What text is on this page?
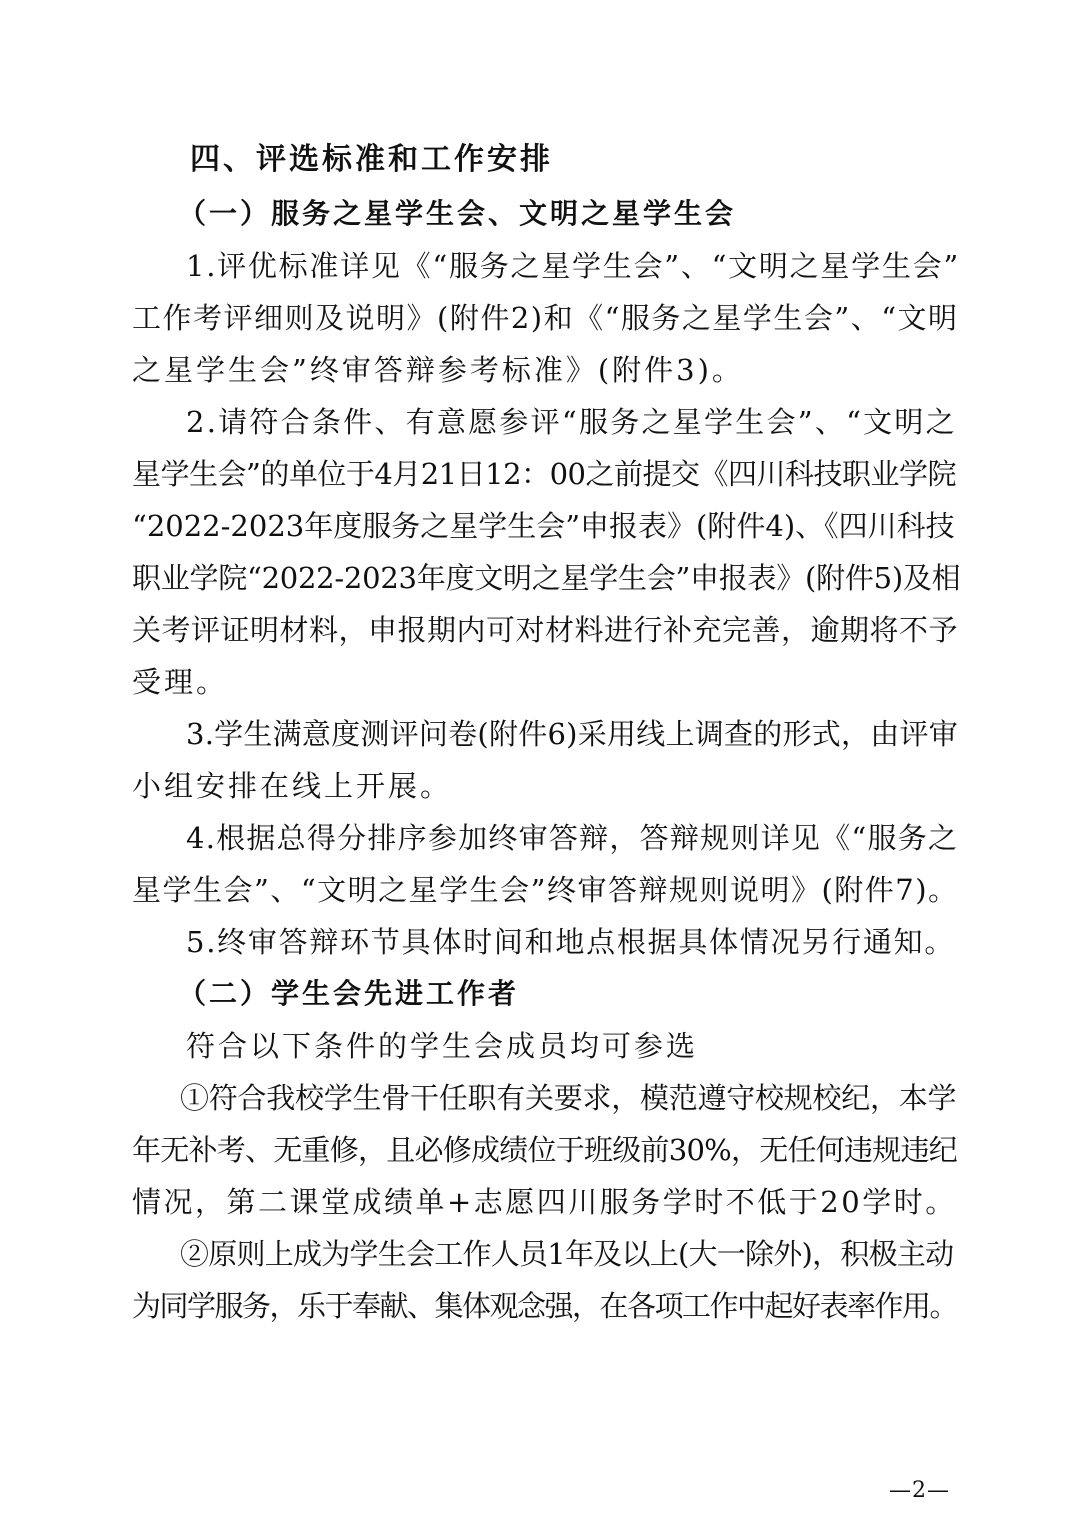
四、评选标准和工作安排
（一）服务之星学生会、文明之星学生会
1.评优标准详见《“服务之星学生会”、“文明之星学生会”
工作考评细则及说明》(附件2)和《“服务之星学生会”、“文明
之星学生会”终审答辩参考标准》(附件3)。
2.请符合条件、有意愿参评“服务之星学生会”、“文明之
星学生会”的单位于4月21日12：00之前提交《四川科技职业学院
“2022-2023年度服务之星学生会”申报表》(附件4)、《四川科技
职业学院“2022-2023年度文明之星学生会”申报表》(附件5)及相
关考评证明材料，申报期内可对材料进行补充完善，逾期将不予
受理。
3.学生满意度测评问卷(附件6)采用线上调查的形式，由评审
小组安排在线上开展。
4.根据总得分排序参加终审答辩，答辩规则详见《“服务之
星学生会”、“文明之星学生会”终审答辩规则说明》(附件7)。
5.终审答辩环节具体时间和地点根据具体情况另行通知。
（二）学生会先进工作者
符合以下条件的学生会成员均可参选
①符合我校学生骨干任职有关要求，模范遵守校规校纪，本学
年无补考、无重修，且必修成绩位于班级前30%，无任何违规违纪
情况，第二课堂成绩单+志愿四川服务学时不低于20学时。
②原则上成为学生会工作人员1年及以上(大一除外)，积极主动
为同学服务，乐于奉献、集体观念强，在各项工作中起好表率作用。
—2—
